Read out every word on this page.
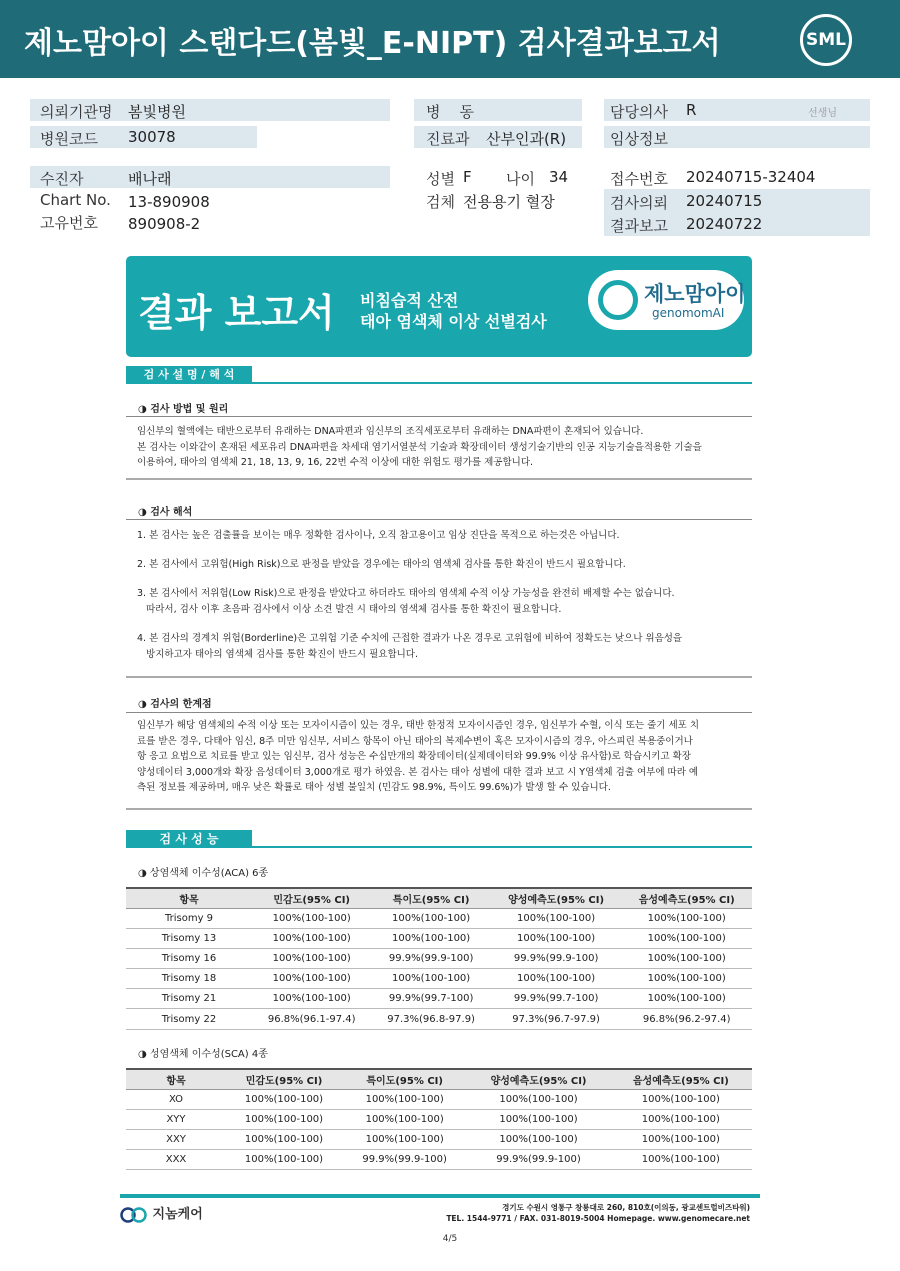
제노맘아이 스탠다드(봄빛_E-NIPT) 검사결과보고서	SML
의뢰기관명 봄빛병원
병원코드 30078
병    동
진료과 산부인과(R)
담당의사 R	선생님
임상정보
수진자	배나래
Chart No. 13-890908
고유번호 890908-2
성별 F 나이 34
검체 전용용기 혈장
접수번호 20240715-32404
검사의뢰 20240715
결과보고 20240722
결과 보고서 비침습적 산전
태아 염색체 이상 선별검사
제노맘아이
genomomAI
검 사 설 명 / 해 석
◑ 검사 방법 및 원리

임신부의 혈액에는 태반으로부터 유래하는 DNA파편과 임신부의 조직세포로부터 유래하는 DNA파편이 혼재되어 있습니다.

본 검사는 이와같이 혼재된 세포유리 DNA파편을 차세대 염기서열분석 기술과 확장데이터 생성기술기반의 인공 지능기술을적용한 기술을

이용하여, 태아의 염색체 21, 18, 13, 9, 16, 22번 수적 이상에 대한 위험도 평가를 제공합니다.

◑ 검사 해석

1. 본 검사는 높은 검출률을 보이는 매우 정확한 검사이나, 오직 참고용이고 임상 진단을 목적으로 하는것은 아닙니다.

2. 본 검사에서 고위험(High Risk)으로 판정을 받았을 경우에는 태아의 염색체 검사를 통한 확진이 반드시 필요합니다.

3. 본 검사에서 저위험(Low Risk)으로 판정을 받았다고 하더라도 태아의 염색체 수적 이상 가능성을 완전히 배제할 수는 없습니다.

따라서, 검사 이후 초음파 검사에서 이상 소견 발견 시 태아의 염색체 검사를 통한 확진이 필요합니다.

4. 본 검사의 경계치 위험(Borderline)은 고위험 기준 수치에 근접한 결과가 나온 경우로 고위험에 비하여 정확도는 낮으나 위음성을

방지하고자 태아의 염색체 검사를 통한 확진이 반드시 필요합니다.

◑ 검사의 한계점

임신부가 해당 염색체의 수적 이상 또는 모자이시즘이 있는 경우, 태반 한정적 모자이시즘인 경우, 임신부가 수혈, 이식 또는 줄기 세포 치

료를 받은 경우, 다태아 임신, 8주 미만 임신부, 서비스 항목이 아닌 태아의 복제수변이 혹은 모자이시즘의 경우, 아스피린 복용중이거나

항 응고 요법으로 치료를 받고 있는 임신부, 검사 성능은 수십만개의 확장데이터(실제데이터와 99.9% 이상 유사함)로 학습시키고 확장

양성데이터 3,000개와 확장 음성데이터 3,000개로 평가 하였음. 본 검사는 태아 성별에 대한 결과 보고 시 Y염색체 검출 여부에 따라 예

측된 정보를 제공하며, 매우 낮은 확률로 태아 성별 불일치 (민감도 98.9%, 특이도 99.6%)가 발생 할 수 있습니다.

검 사 성 능
◑ 상염색체 이수성(ACA) 6종
항목	민감도(95% CI)	특이도(95% CI)	양성예측도(95% CI)	음성예측도(95% CI)
Trisomy 9	100%(100-100)	100%(100-100)	100%(100-100)	100%(100-100)
Trisomy 13	100%(100-100)	100%(100-100)	100%(100-100)	100%(100-100)
Trisomy 16	100%(100-100)	99.9%(99.9-100)	99.9%(99.9-100)	100%(100-100)
Trisomy 18	100%(100-100)	100%(100-100)	100%(100-100)	100%(100-100)
Trisomy 21	100%(100-100)	99.9%(99.7-100)	99.9%(99.7-100)	100%(100-100)
Trisomy 22	96.8%(96.1-97.4)	97.3%(96.8-97.9)	97.3%(96.7-97.9)	96.8%(96.2-97.4)
◑ 성염색체 이수성(SCA) 4종
항목	민감도(95% CI)	특이도(95% CI)	양성예측도(95% CI)	음성예측도(95% CI)
XO	100%(100-100)	100%(100-100)	100%(100-100)	100%(100-100)
XYY	100%(100-100)	100%(100-100)	100%(100-100)	100%(100-100)
XXY	100%(100-100)	100%(100-100)	100%(100-100)	100%(100-100)
XXX	100%(100-100)	99.9%(99.9-100)	99.9%(99.9-100)	100%(100-100)
지놈케어	경기도 수원시 영통구 창룡대로 260, 810호(이의동, 광교센트럴비즈타워)
TEL. 1544-9771 / FAX. 031-8019-5004 Homepage. www.genomecare.net
4/5
